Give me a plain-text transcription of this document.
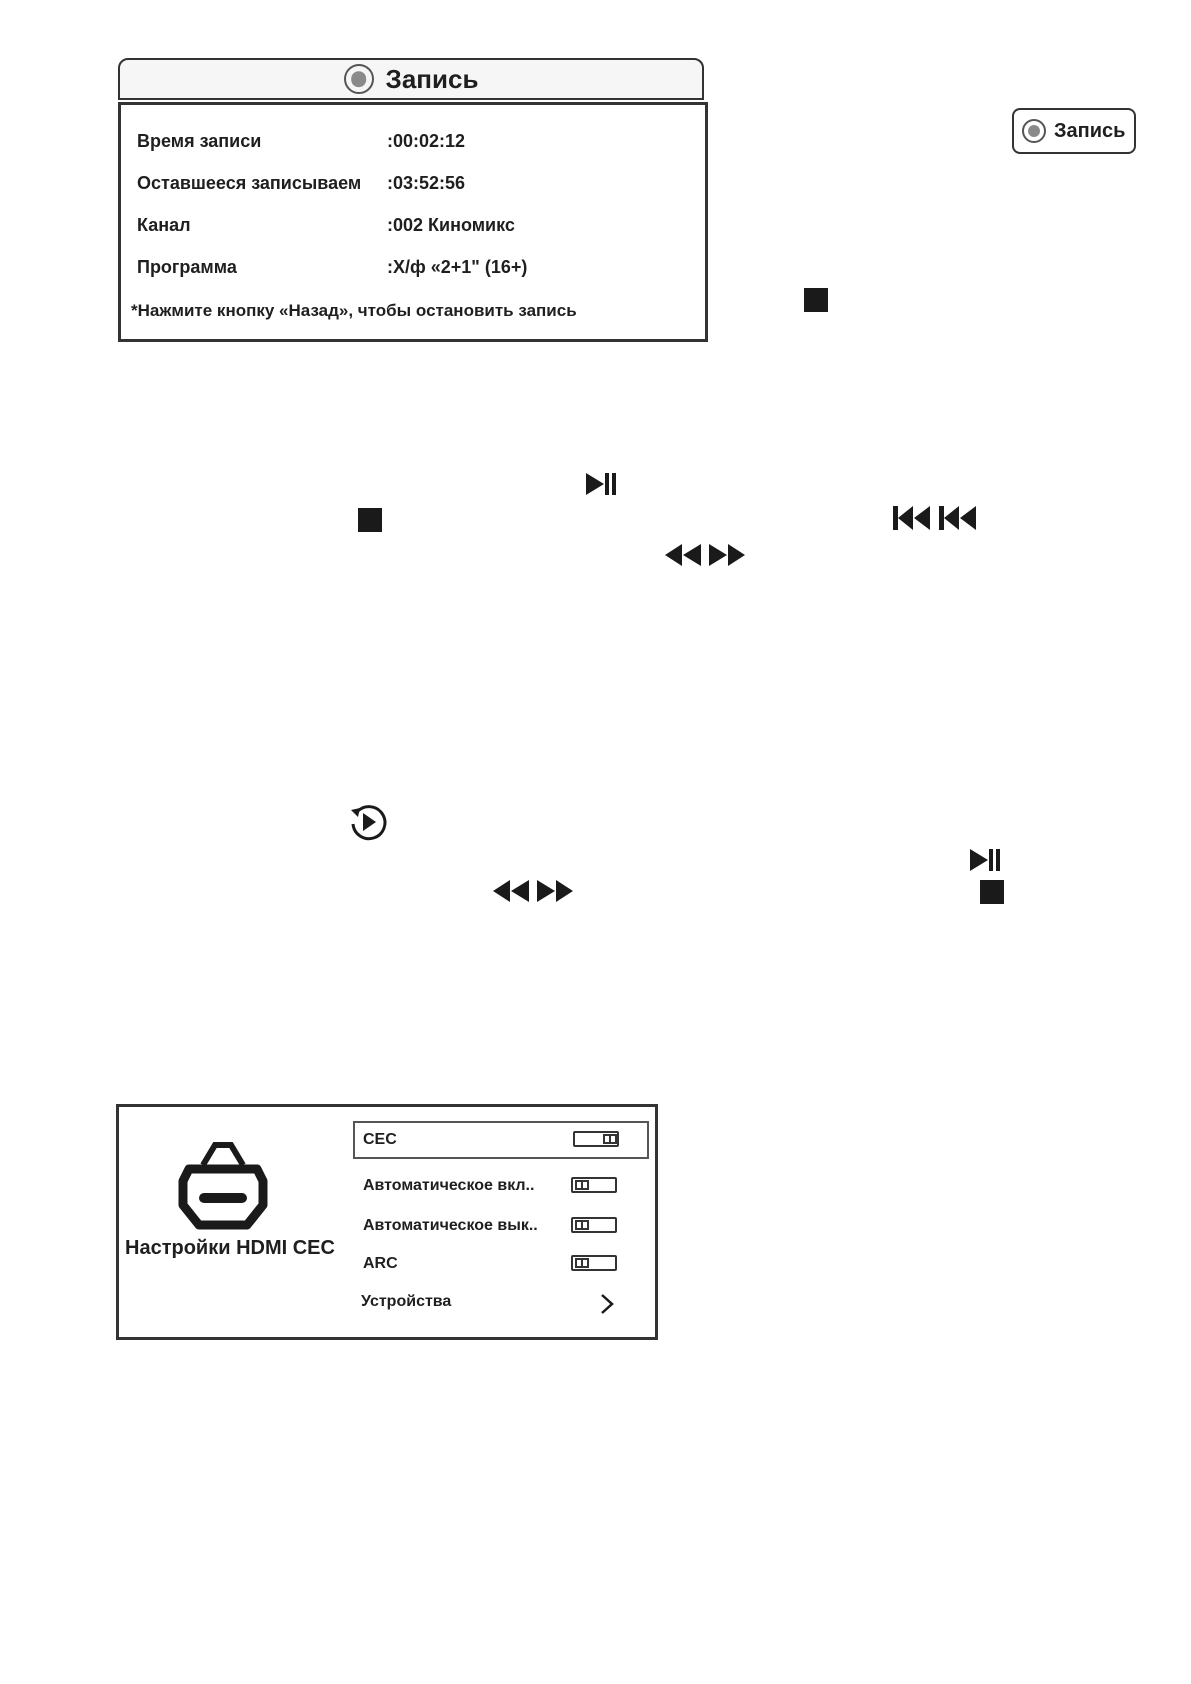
Запись
Время записи	:00:02:12
Оставшееся записываем :03:52:56
Канал	:002 Киномикс
Программа	:Х/ф «2+1" (16+)
*Нажмите кнопку «Назад», чтобы остановить запись
Запись
Настройки HDMI CEC
CEC
Автоматическое вкл..
Автоматическое вык..
ARC
Устройства
